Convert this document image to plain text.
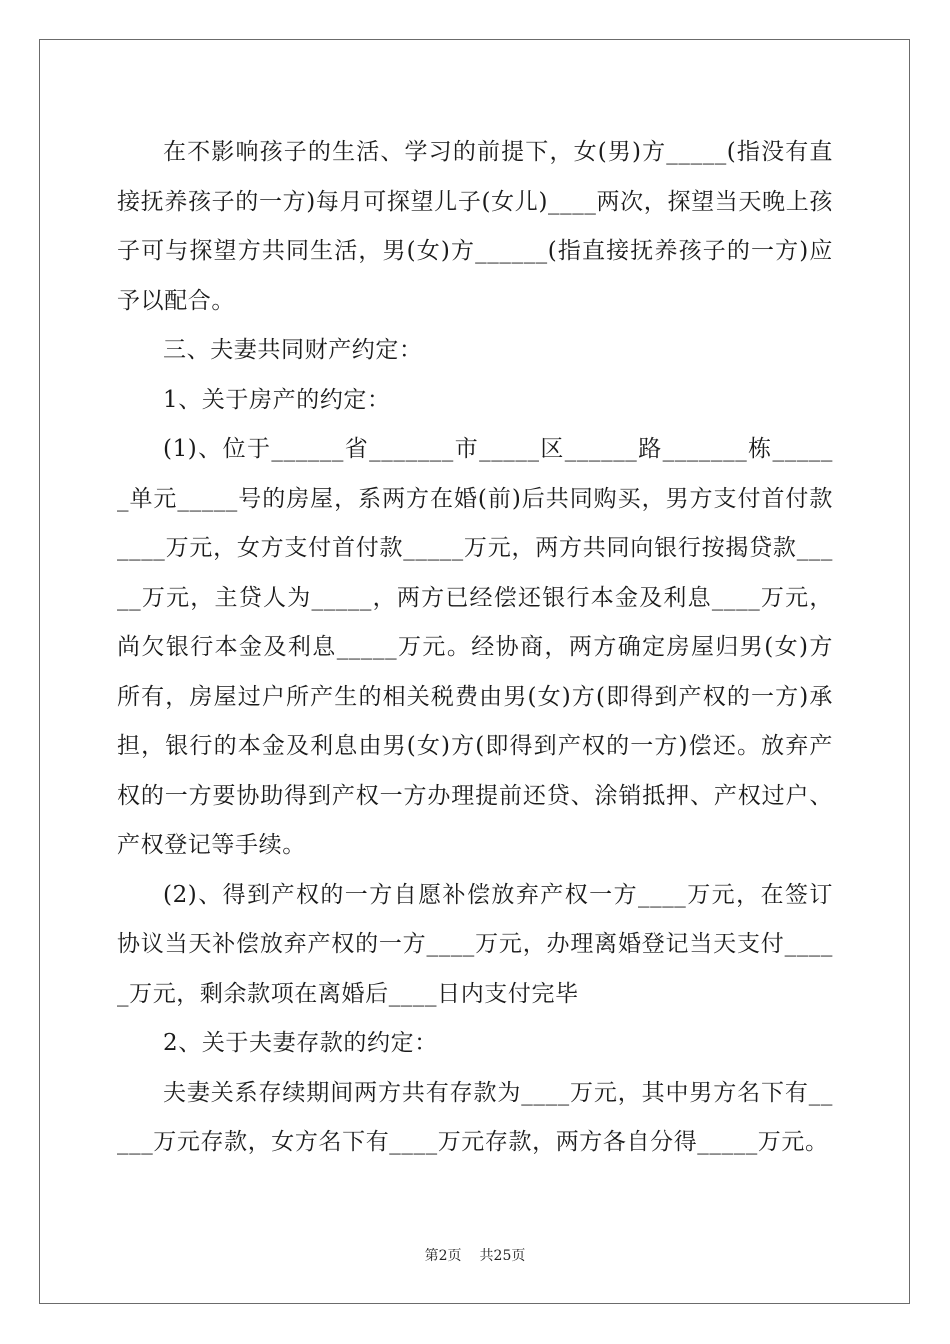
在不影响孩子的生活、学习的前提下，女(男)方_____(指没有直接抚养孩子的一方)每月可探望儿子(女儿)____两次，探望当天晚上孩子可与探望方共同生活，男(女)方______(指直接抚养孩子的一方)应予以配合。

三、夫妻共同财产约定：

1、关于房产的约定：

(1)、位于______省_______市_____区______路_______栋______单元_____号的房屋，系两方在婚(前)后共同购买，男方支付首付款____万元，女方支付首付款_____万元，两方共同向银行按揭贷款_____万元，主贷人为_____，两方已经偿还银行本金及利息____万元，尚欠银行本金及利息_____万元。经协商，两方确定房屋归男(女)方所有，房屋过户所产生的相关税费由男(女)方(即得到产权的一方)承担，银行的本金及利息由男(女)方(即得到产权的一方)偿还。放弃产权的一方要协助得到产权一方办理提前还贷、涂销抵押、产权过户、产权登记等手续。

(2)、得到产权的一方自愿补偿放弃产权一方____万元，在签订协议当天补偿放弃产权的一方____万元，办理离婚登记当天支付_____万元，剩余款项在离婚后____日内支付完毕

2、关于夫妻存款的约定：

夫妻关系存续期间两方共有存款为____万元，其中男方名下有_____万元存款，女方名下有____万元存款，两方各自分得_____万元。

第2页 共25页
